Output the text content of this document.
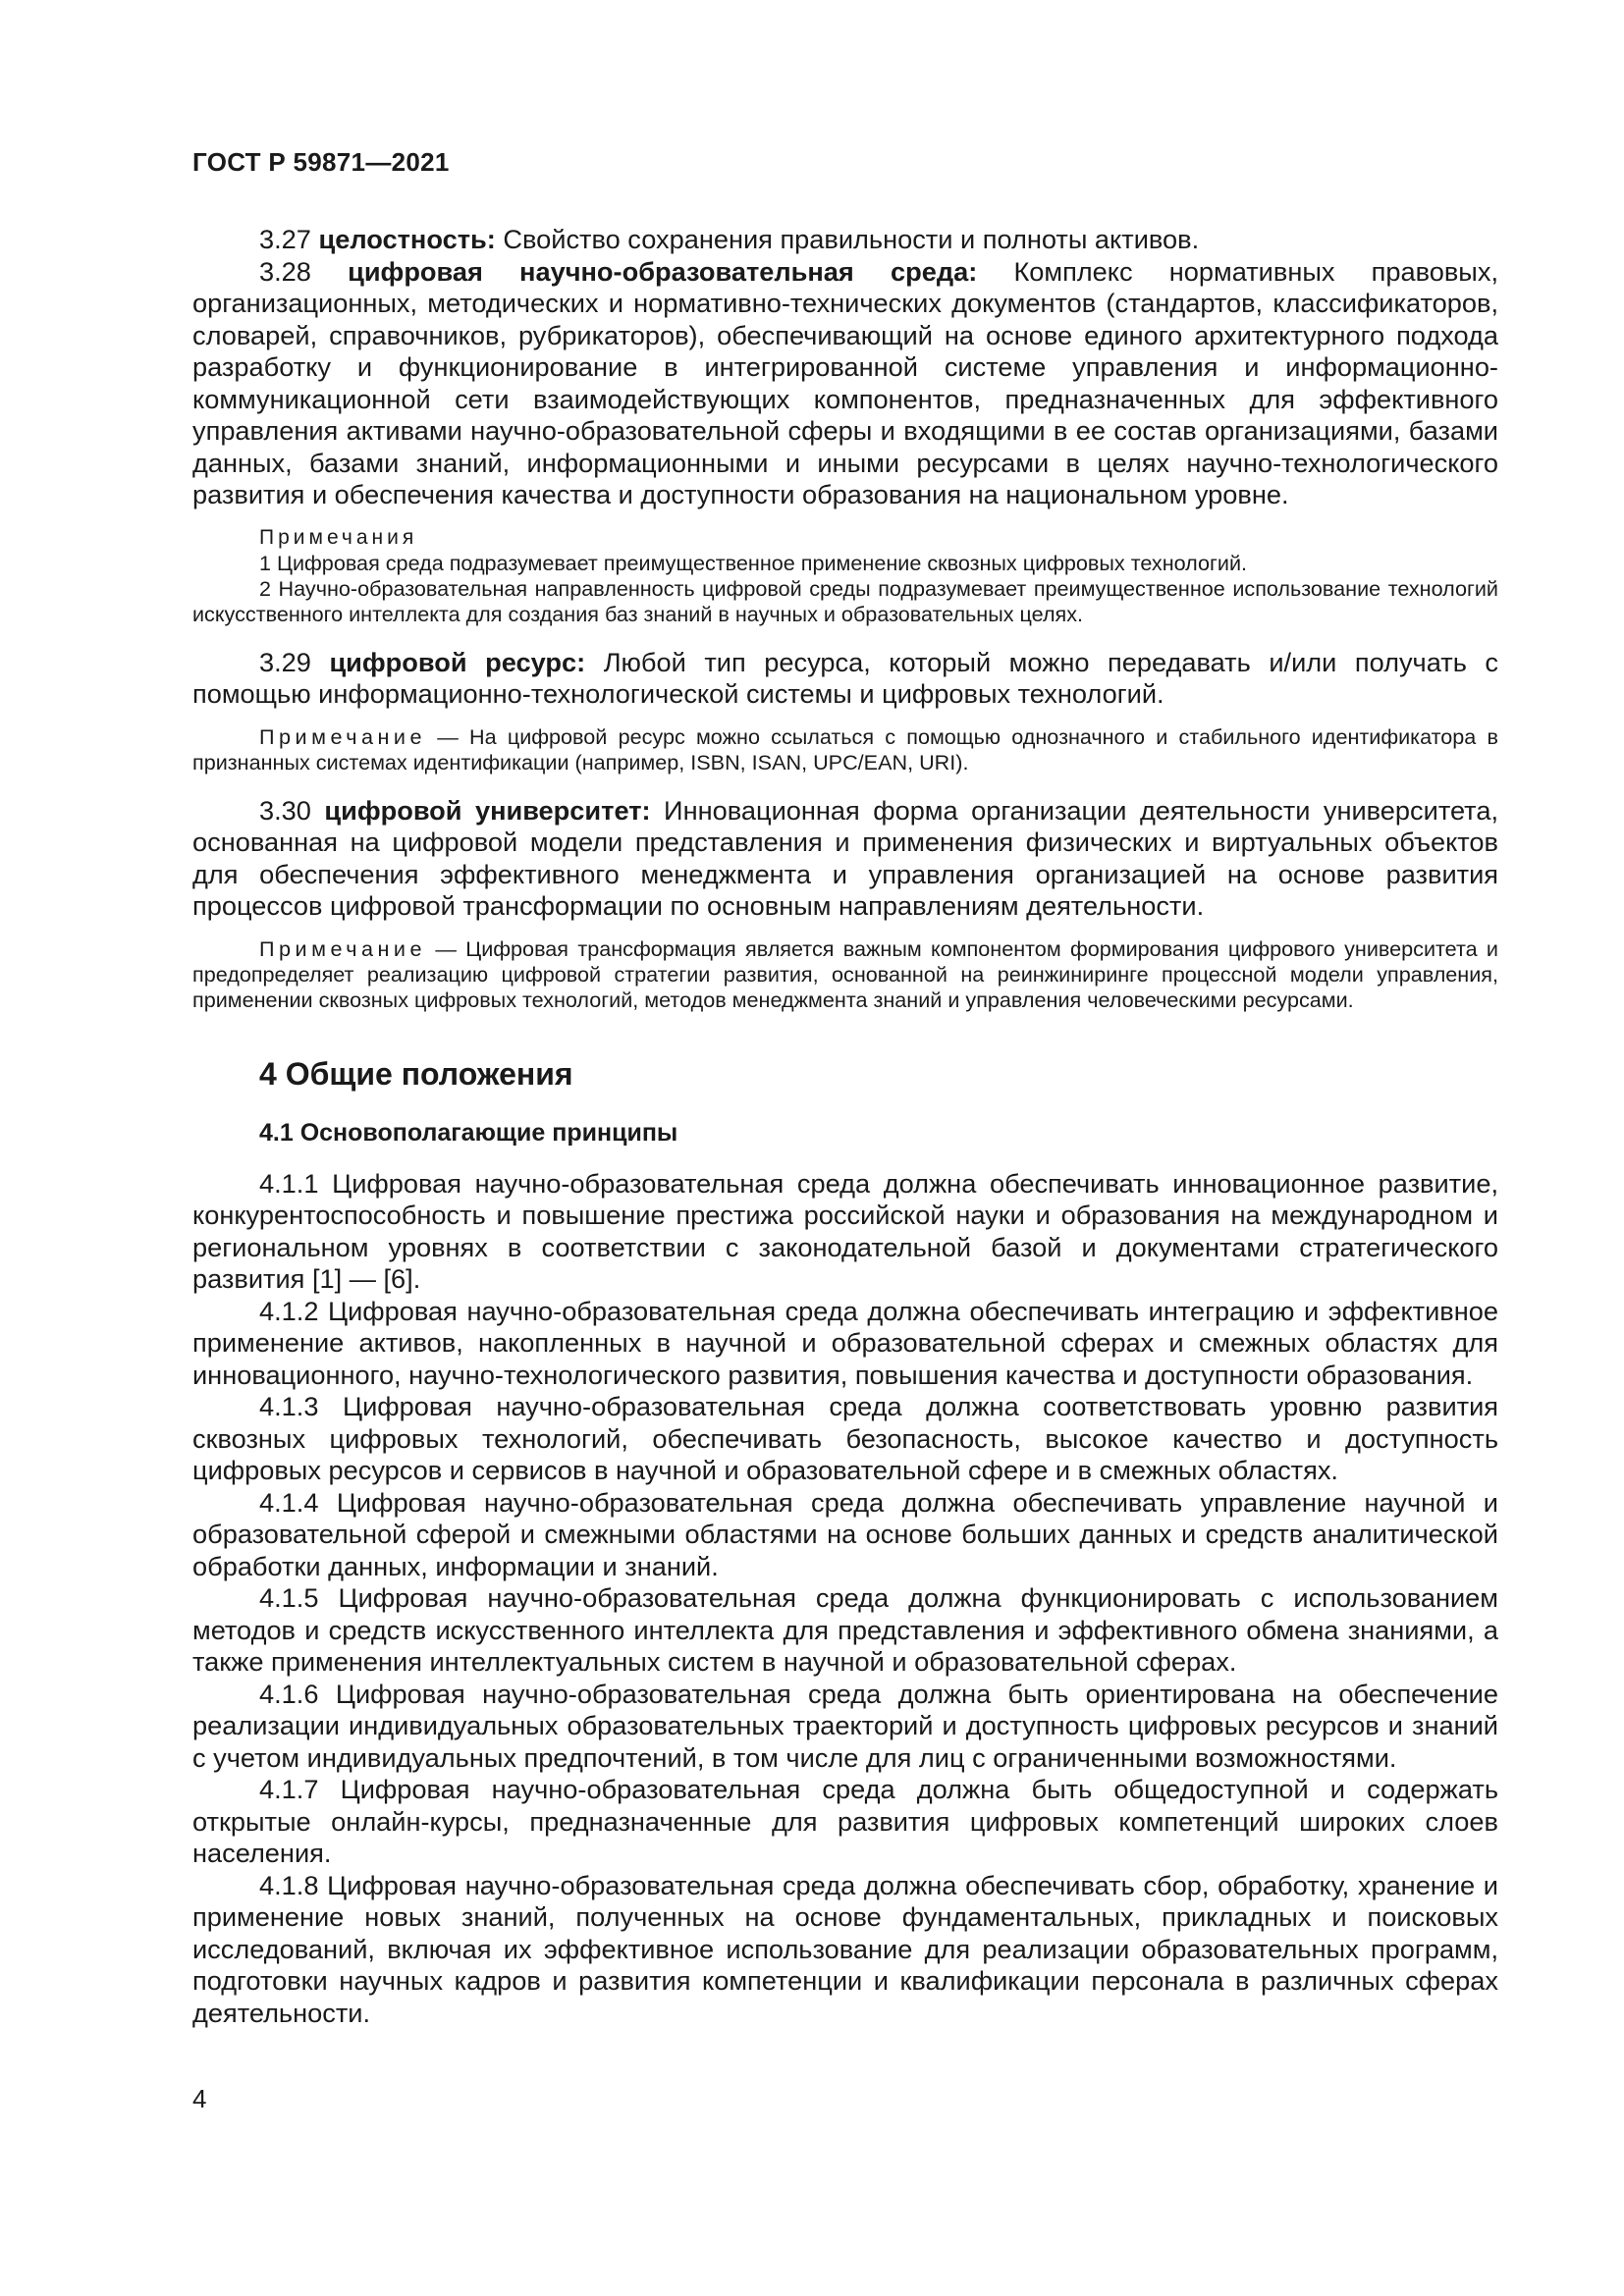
ГОСТ Р 59871—2021

3.27 целостность: Свойство сохранения правильности и полноты активов.

3.28 цифровая научно-образовательная среда: Комплекс нормативных правовых, организационных, методических и нормативно-технических документов (стандартов, классификаторов, словарей, справочников, рубрикаторов), обеспечивающий на основе единого архитектурного подхода разработку и функционирование в интегрированной системе управления и информационно-коммуникационной сети взаимодействующих компонентов, предназначенных для эффективного управления активами научно-образовательной сферы и входящими в ее состав организациями, базами данных, базами знаний, информационными и иными ресурсами в целях научно-технологического развития и обеспечения качества и доступности образования на национальном уровне.

Примечания

1 Цифровая среда подразумевает преимущественное применение сквозных цифровых технологий.

2 Научно-образовательная направленность цифровой среды подразумевает преимущественное использование технологий искусственного интеллекта для создания баз знаний в научных и образовательных целях.

3.29 цифровой ресурс: Любой тип ресурса, который можно передавать и/или получать с помощью информационно-технологической системы и цифровых технологий.

Примечание — На цифровой ресурс можно ссылаться с помощью однозначного и стабильного идентификатора в признанных системах идентификации (например, ISBN, ISAN, UPC/EAN, URI).

3.30 цифровой университет: Инновационная форма организации деятельности университета, основанная на цифровой модели представления и применения физических и виртуальных объектов для обеспечения эффективного менеджмента и управления организацией на основе развития процессов цифровой трансформации по основным направлениям деятельности.

Примечание — Цифровая трансформация является важным компонентом формирования цифрового университета и предопределяет реализацию цифровой стратегии развития, основанной на реинжиниринге процессной модели управления, применении сквозных цифровых технологий, методов менеджмента знаний и управления человеческими ресурсами.

4 Общие положения
4.1 Основополагающие принципы

4.1.1 Цифровая научно-образовательная среда должна обеспечивать инновационное развитие, конкурентоспособность и повышение престижа российской науки и образования на международном и региональном уровнях в соответствии с законодательной базой и документами стратегического развития [1] — [6].

4.1.2 Цифровая научно-образовательная среда должна обеспечивать интеграцию и эффективное применение активов, накопленных в научной и образовательной сферах и смежных областях для инновационного, научно-технологического развития, повышения качества и доступности образования.

4.1.3 Цифровая научно-образовательная среда должна соответствовать уровню развития сквозных цифровых технологий, обеспечивать безопасность, высокое качество и доступность цифровых ресурсов и сервисов в научной и образовательной сфере и в смежных областях.

4.1.4 Цифровая научно-образовательная среда должна обеспечивать управление научной и образовательной сферой и смежными областями на основе больших данных и средств аналитической обработки данных, информации и знаний.

4.1.5 Цифровая научно-образовательная среда должна функционировать с использованием методов и средств искусственного интеллекта для представления и эффективного обмена знаниями, а также применения интеллектуальных систем в научной и образовательной сферах.

4.1.6 Цифровая научно-образовательная среда должна быть ориентирована на обеспечение реализации индивидуальных образовательных траекторий и доступность цифровых ресурсов и знаний с учетом индивидуальных предпочтений, в том числе для лиц с ограниченными возможностями.

4.1.7 Цифровая научно-образовательная среда должна быть общедоступной и содержать открытые онлайн-курсы, предназначенные для развития цифровых компетенций широких слоев населения.

4.1.8 Цифровая научно-образовательная среда должна обеспечивать сбор, обработку, хранение и применение новых знаний, полученных на основе фундаментальных, прикладных и поисковых исследований, включая их эффективное использование для реализации образовательных программ, подготовки научных кадров и развития компетенции и квалификации персонала в различных сферах деятельности.

4
